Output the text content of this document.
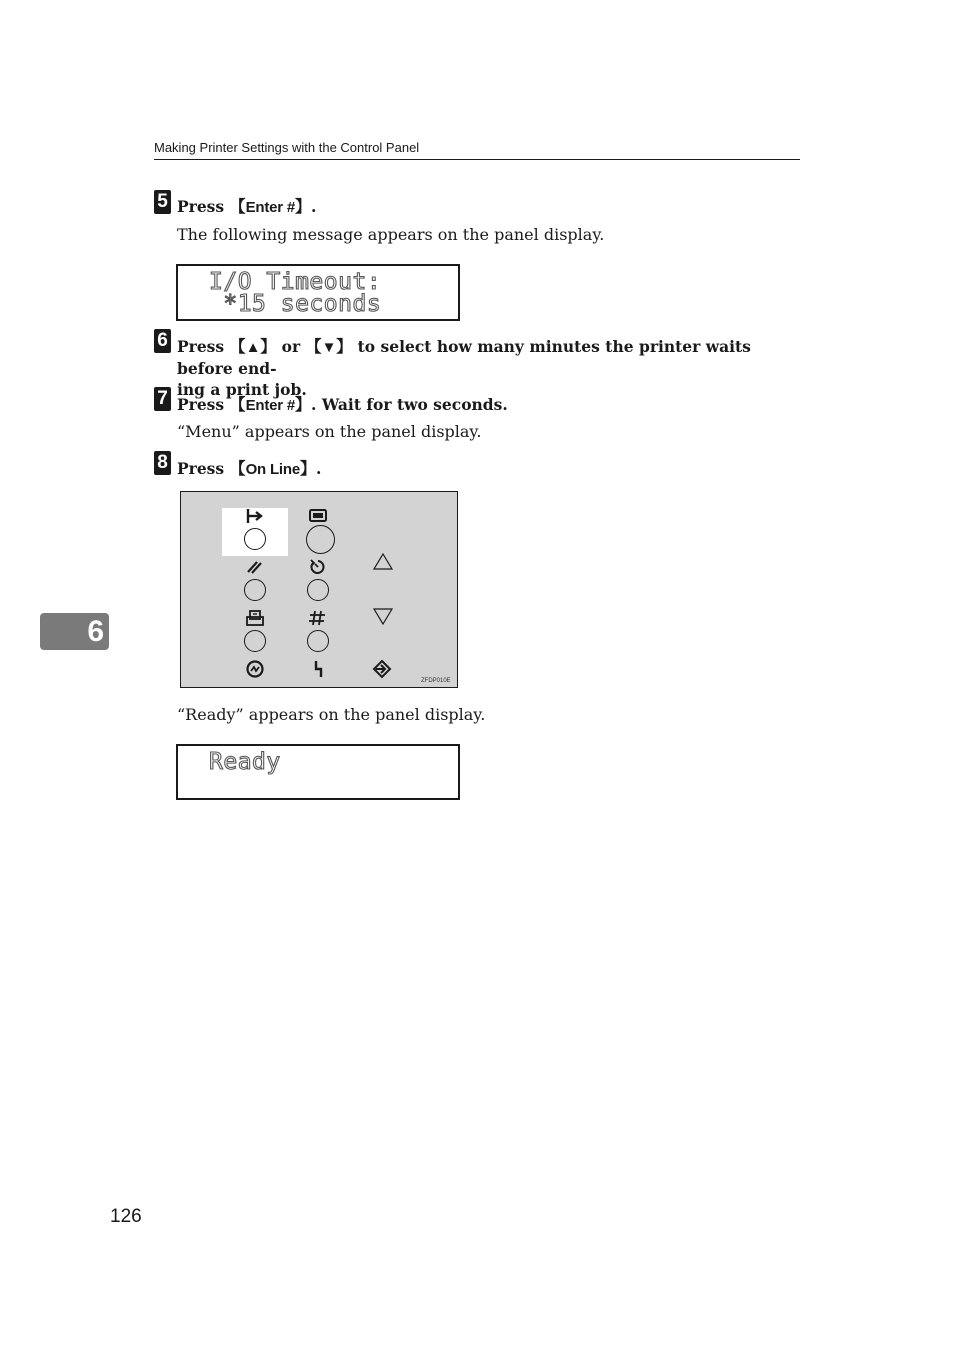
Making Printer Settings with the Control Panel
5 Press 【Enter #】.
The following message appears on the panel display.
I/O Timeout:
*15 seconds
6 Press 【▲】 or 【▼】 to select how many minutes the printer waits before end-
ing a print job.
7 Press 【Enter #】. Wait for two seconds.
“Menu” appears on the panel display.
8 Press 【On Line】.
ZFDP010E
“Ready” appears on the panel display.
Ready
6
126
